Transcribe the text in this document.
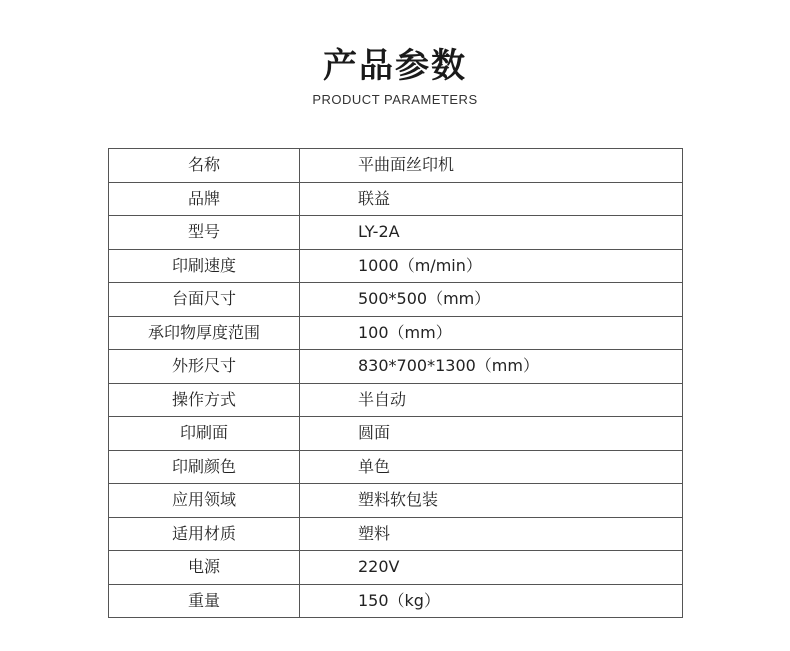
产品参数
PRODUCT PARAMETERS
名称	平曲面丝印机
品牌	联益
型号	LY-2A
印刷速度	1000（m/min）
台面尺寸	500*500（mm）
承印物厚度范围	100（mm）
外形尺寸	830*700*1300（mm）
操作方式	半自动
印刷面	圆面
印刷颜色	单色
应用领域	塑料软包装
适用材质	塑料
电源	220V
重量	150（kg）
